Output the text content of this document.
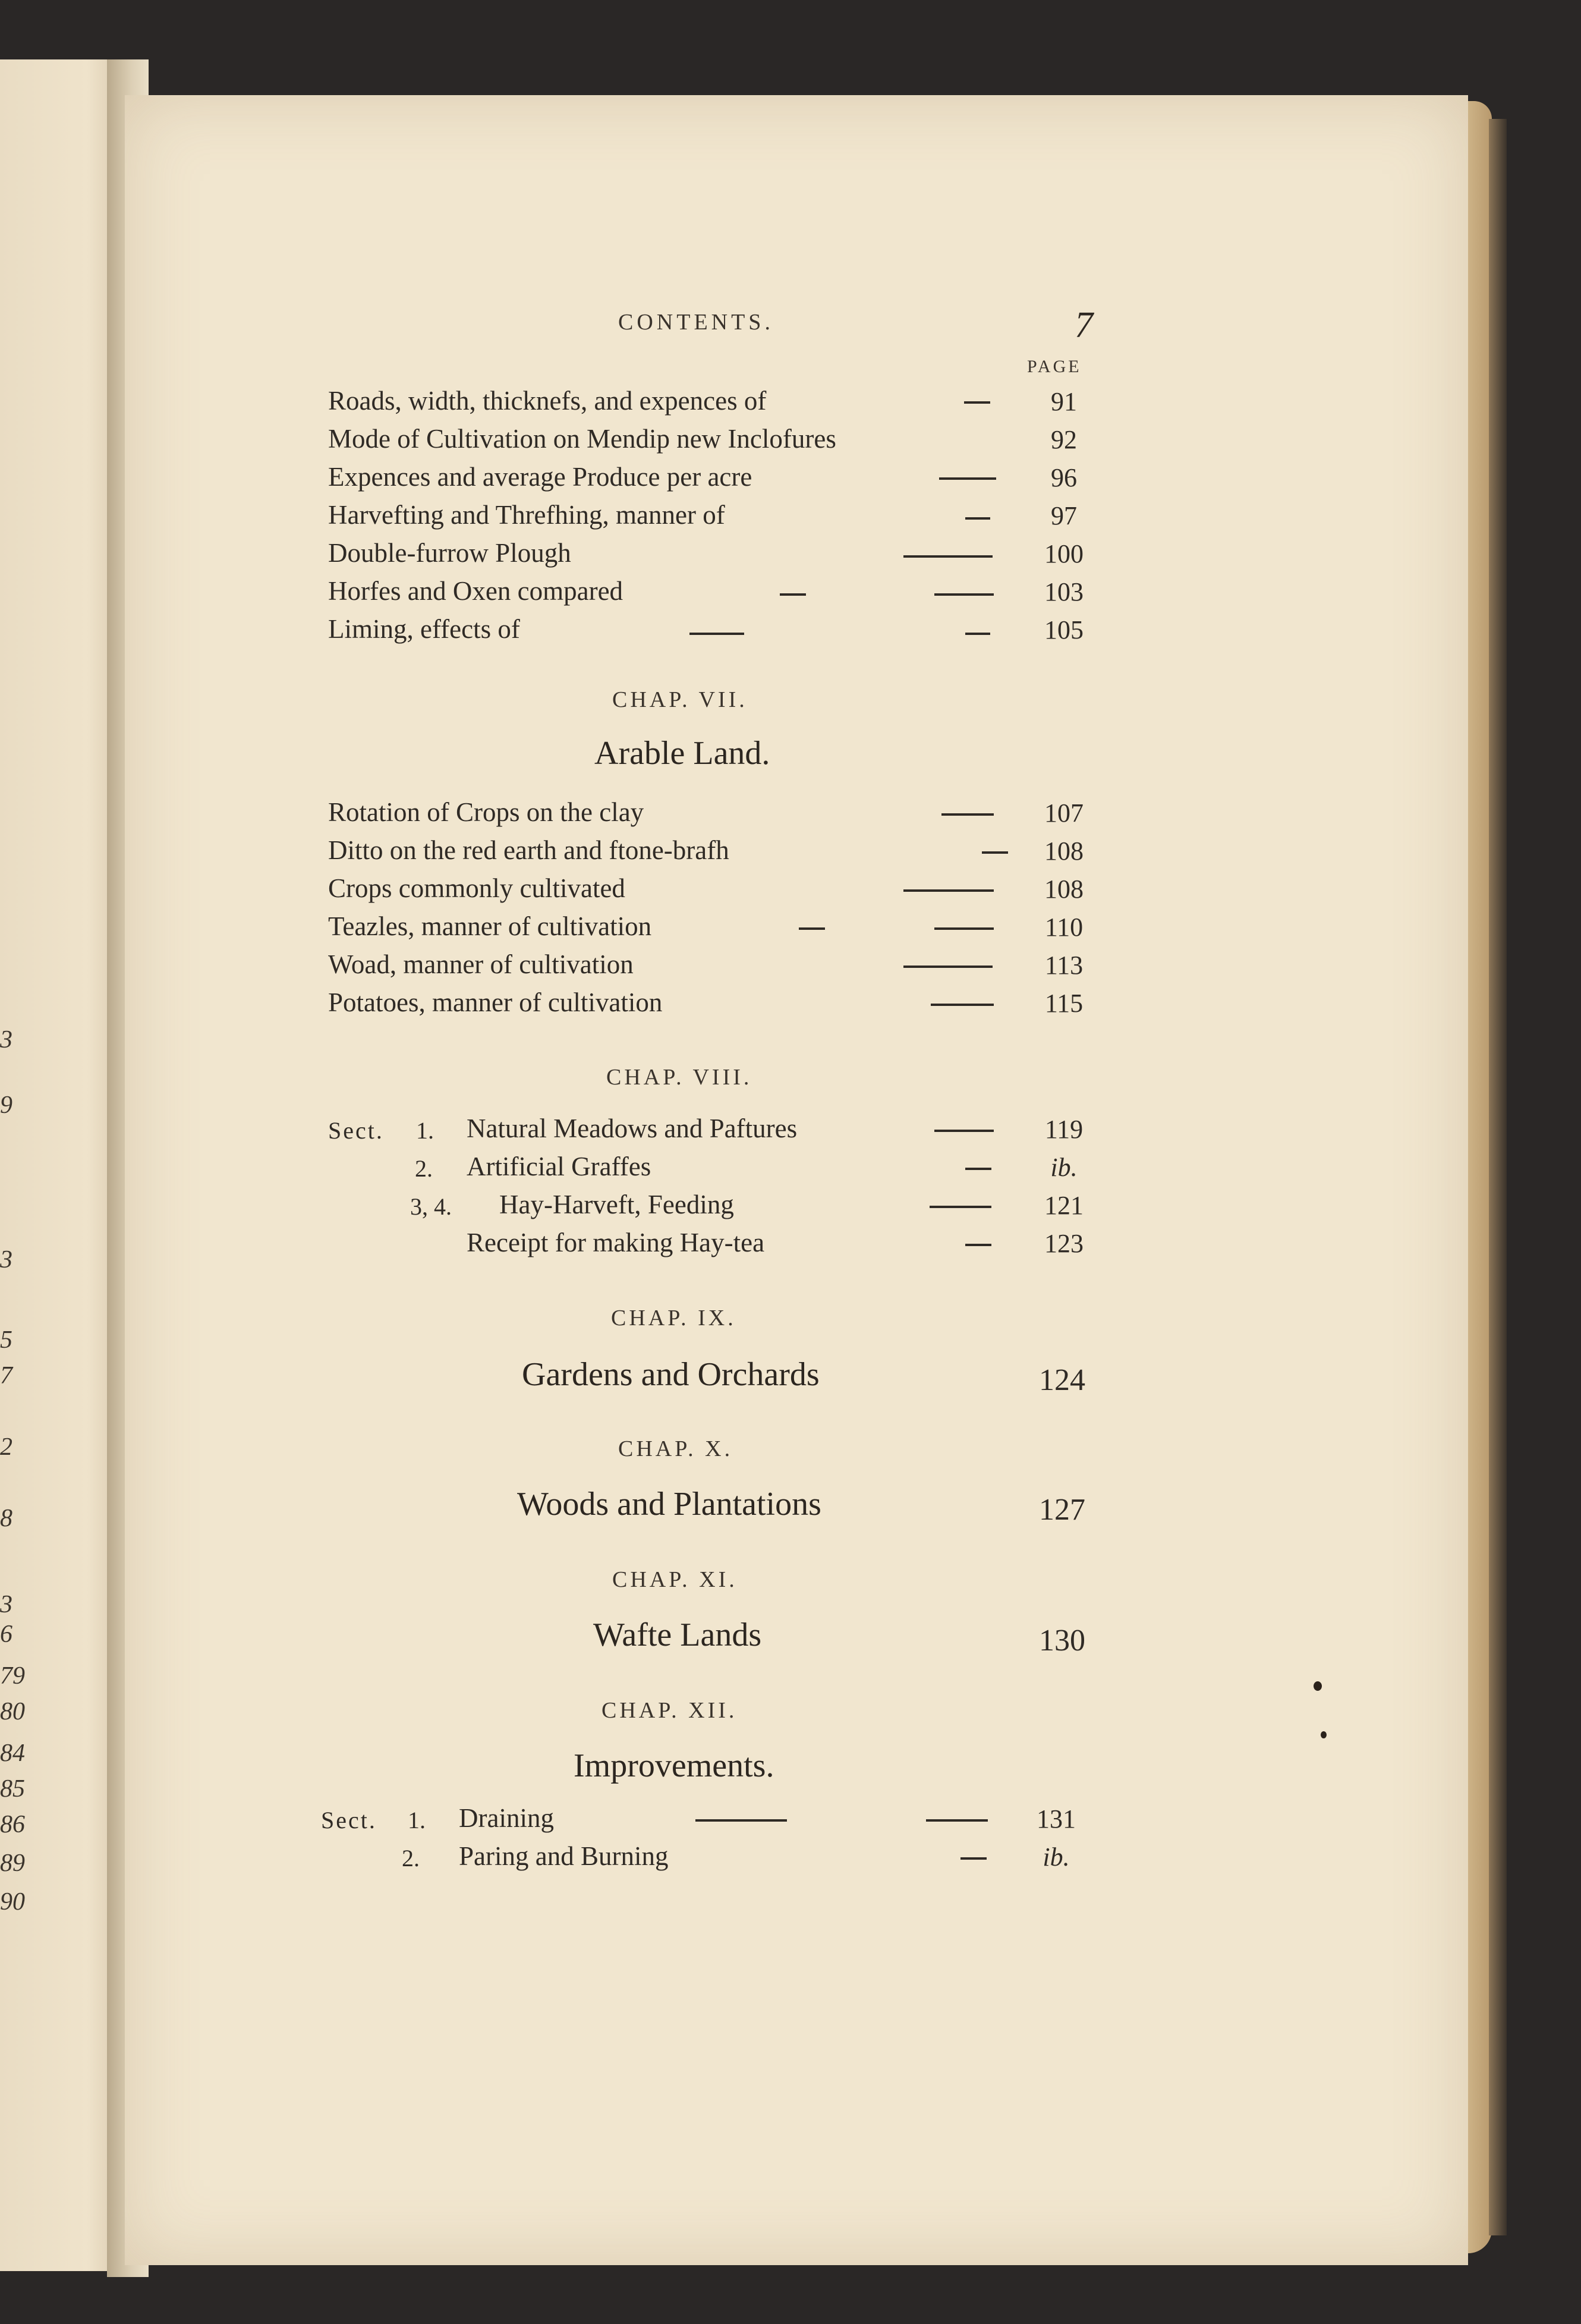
3
9
3
5
7
2
8
3
6
79
80
84
85
86
89
90
CONTENTS.	7
PAGE
Roads, width, thicknefs, and expences of	91
Mode of Cultivation on Mendip new Inclofures	92
Expences and average Produce per acre	96
Harvefting and Threfhing, manner of	97
Double-furrow Plough	100
Horfes and Oxen compared	103
Liming, effects of	105
CHAP. VII.
Arable Land.
Rotation of Crops on the clay	107
Ditto on the red earth and ftone-brafh	108
Crops commonly cultivated	108
Teazles, manner of cultivation	110
Woad, manner of cultivation	113
Potatoes, manner of cultivation	115
CHAP. VIII.
Sect. 1. Natural Meadows and Paftures	119
2. Artificial Graffes	ib.
3, 4. Hay-Harveft, Feeding	121
Receipt for making Hay-tea	123
CHAP. IX.
Gardens and Orchards	124
CHAP. X.
Woods and Plantations	127
CHAP. XI.
Wafte Lands	130
CHAP. XII.
Improvements.
Sect. 1. Draining	131
2. Paring and Burning	ib.
